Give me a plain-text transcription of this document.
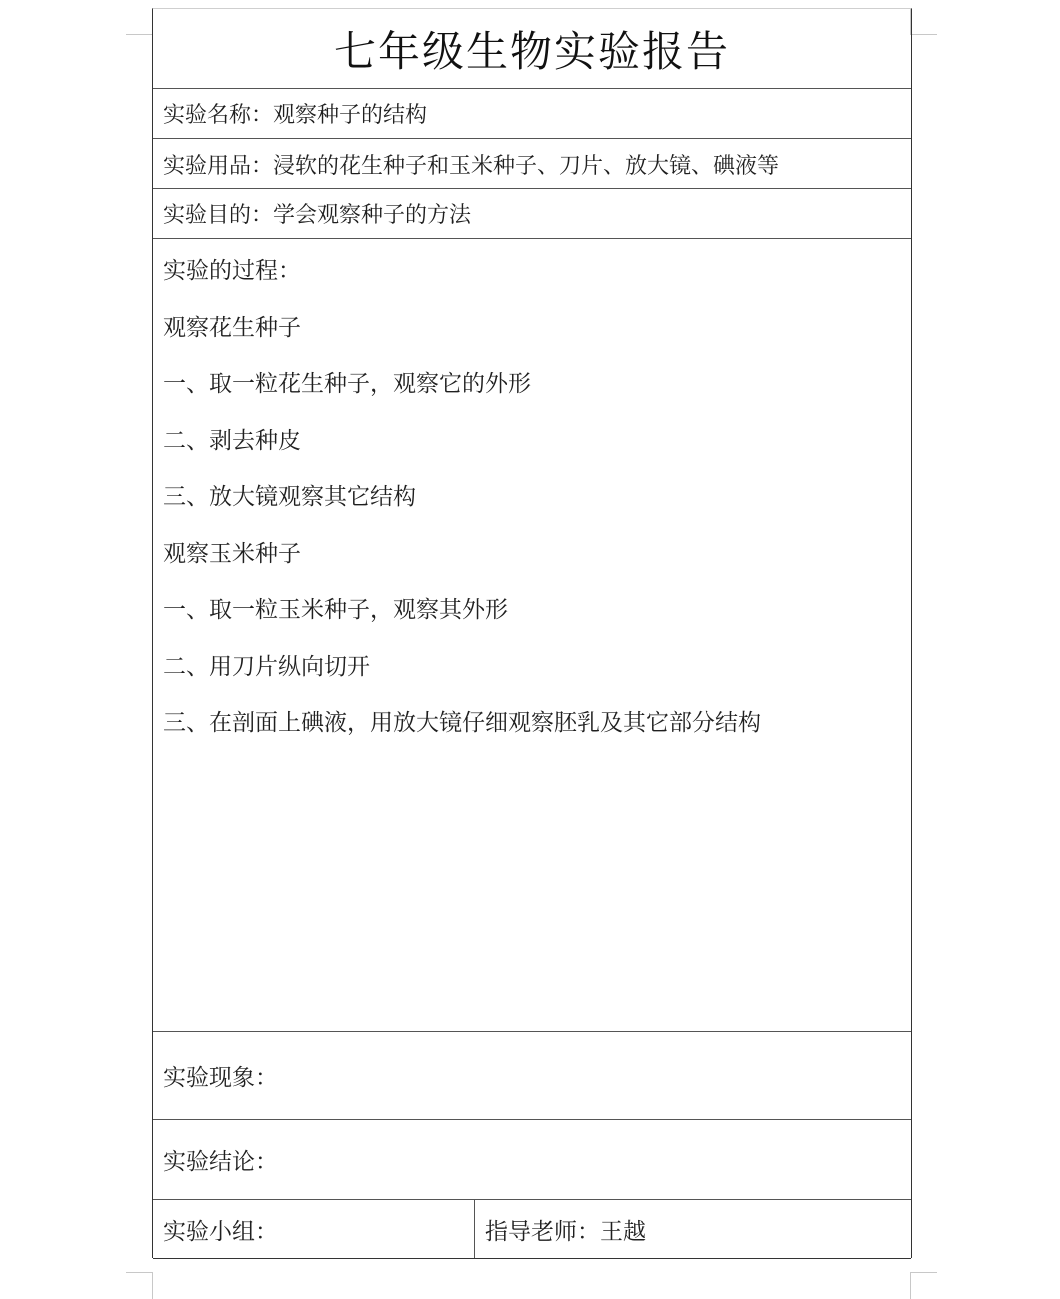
七年级生物实验报告
实验名称：观察种子的结构
实验用品：浸软的花生种子和玉米种子、刀片、放大镜、碘液等
实验目的：学会观察种子的方法
实验的过程：
观察花生种子
一、取一粒花生种子，观察它的外形
二、剥去种皮
三、放大镜观察其它结构
观察玉米种子
一、取一粒玉米种子，观察其外形
二、用刀片纵向切开
三、在剖面上碘液，用放大镜仔细观察胚乳及其它部分结构
实验现象：
实验结论：
实验小组：	指导老师：王越
